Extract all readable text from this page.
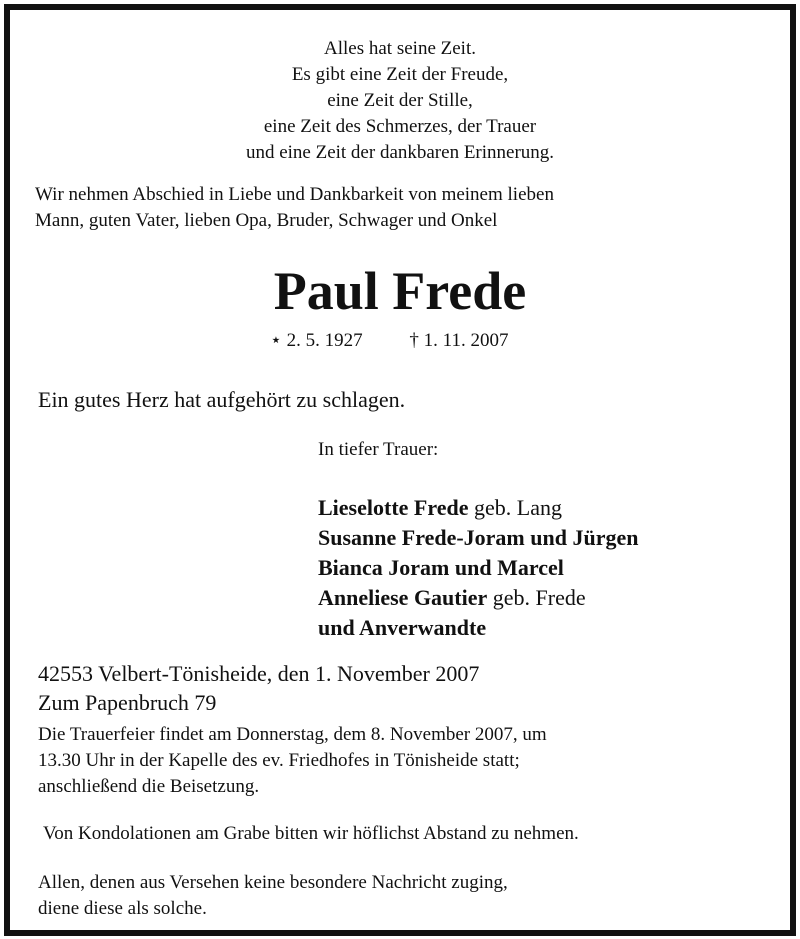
Alles hat seine Zeit.
Es gibt eine Zeit der Freude,
eine Zeit der Stille,
eine Zeit des Schmerzes, der Trauer
und eine Zeit der dankbaren Erinnerung.
Wir nehmen Abschied in Liebe und Dankbarkeit von meinem lieben
Mann, guten Vater, lieben Opa, Bruder, Schwager und Onkel
Paul Frede
⋆ 2. 5. 1927 † 1. 11. 2007
Ein gutes Herz hat aufgehört zu schlagen.
In tiefer Trauer:
Lieselotte Frede geb. Lang
Susanne Frede-Joram und Jürgen
Bianca Joram und Marcel
Anneliese Gautier geb. Frede
und Anverwandte
42553 Velbert-Tönisheide, den 1. November 2007
Zum Papenbruch 79
Die Trauerfeier findet am Donnerstag, dem 8. November 2007, um
13.30 Uhr in der Kapelle des ev. Friedhofes in Tönisheide statt;
anschließend die Beisetzung.
Von Kondolationen am Grabe bitten wir höflichst Abstand zu nehmen.
Allen, denen aus Versehen keine besondere Nachricht zuging,
diene diese als solche.
